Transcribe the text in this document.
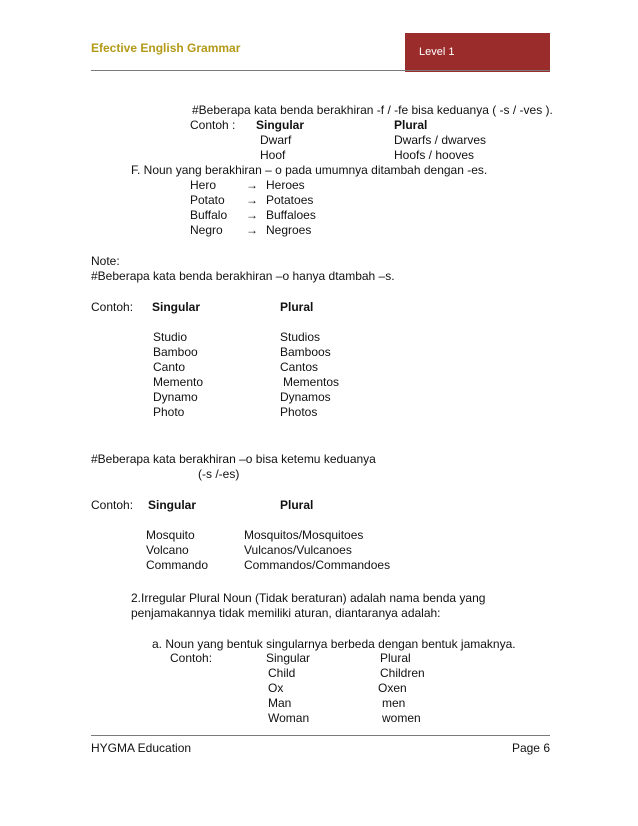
Efective English Grammar	Level 1
#Beberapa kata benda berakhiran -f / -fe bisa keduanya ( -s / -ves ).
Contoh : Singular	Plural
Dwarf	Dwarfs / dwarves
Hoof	Hoofs / hooves
F. Noun yang berakhiran – o pada umumnya ditambah dengan -es.
Hero → Heroes
Potato → Potatoes
Buffalo → Buffaloes
Negro → Negroes
Note:
#Beberapa kata benda berakhiran –o hanya dtambah –s.
Contoh: Singular	Plural
Studio	Studios
Bamboo	Bamboos
Canto	Cantos
Memento	Mementos
Dynamo	Dynamos
Photo	Photos
#Beberapa kata berakhiran –o bisa ketemu keduanya
(-s /-es)
Contoh: Singular	Plural
Mosquito	Mosquitos/Mosquitoes
Volcano	Vulcanos/Vulcanoes
Commando	Commandos/Commandoes
2.Irregular Plural Noun (Tidak beraturan) adalah nama benda yang
penjamakannya tidak memiliki aturan, diantaranya adalah:
a. Noun yang bentuk singularnya berbeda dengan bentuk jamaknya.
Contoh:	Singular	Plural
Child	Children
Ox	Oxen
Man	men
Woman	women
HYGMA Education	Page 6
